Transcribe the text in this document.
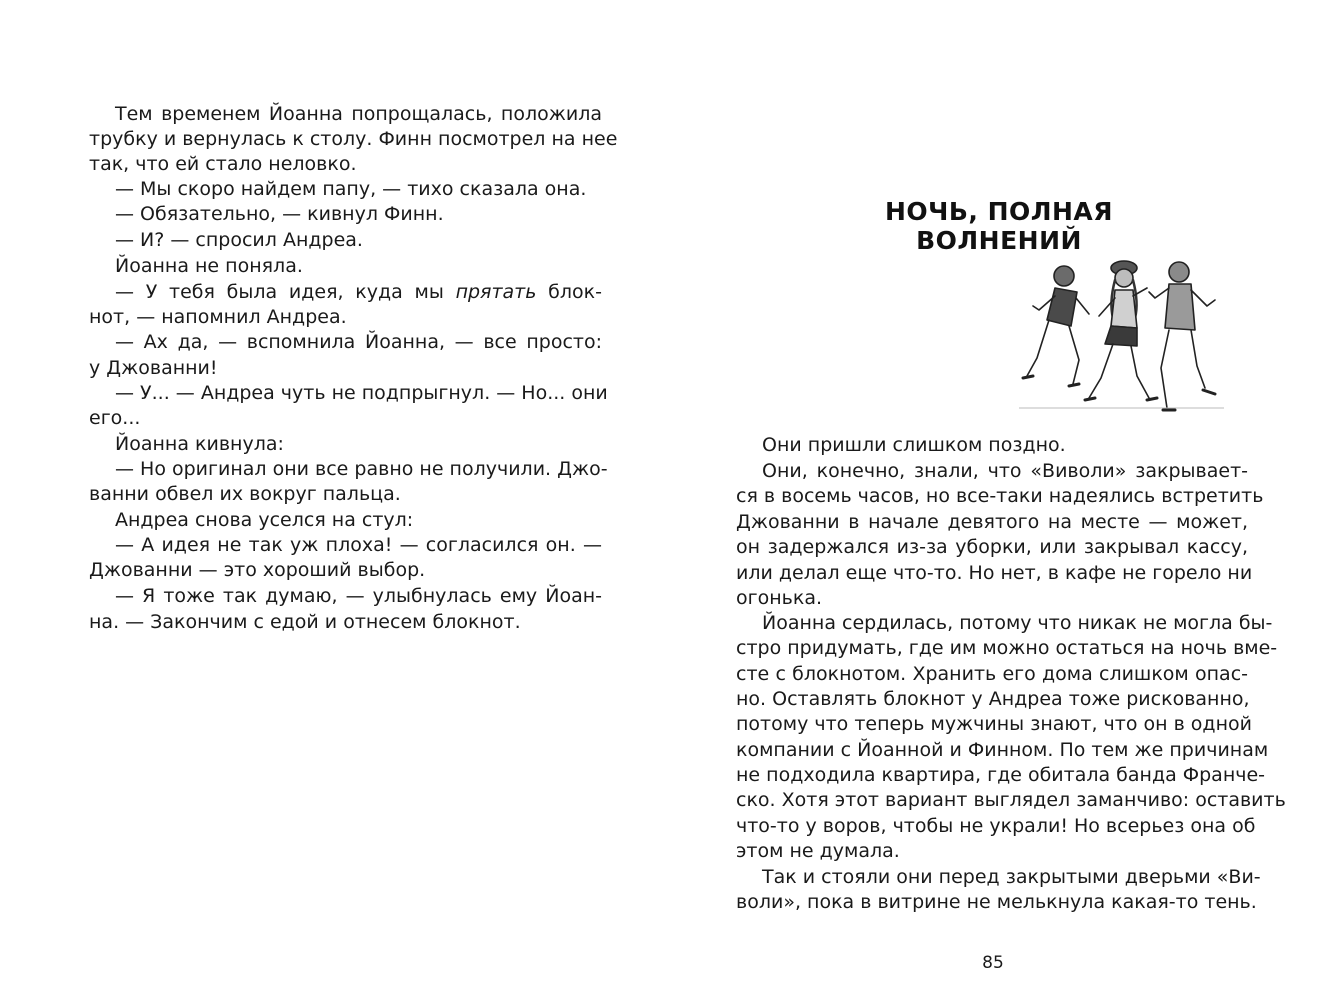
Тем временем Йоанна попрощалась, положила
трубку и вернулась к столу. Финн посмотрел на нее
так, что ей стало неловко.
— Мы скоро найдем папу, — тихо сказала она.
— Обязательно, — кивнул Финн.
— И? — спросил Андреа.
Йоанна не поняла.
— У тебя была идея, куда мы прятать блок-
нот, — напомнил Андреа.
— Ах да, — вспомнила Йоанна, — все просто:
у Джованни!
— У... — Андреа чуть не подпрыгнул. — Но... они
его...
Йоанна кивнула:
— Но оригинал они все равно не получили. Джо-
ванни обвел их вокруг пальца.
Андреа снова уселся на стул:
— А идея не так уж плоха! — согласился он. —
Джованни — это хороший выбор.
— Я тоже так думаю, — улыбнулась ему Йоан-
на. — Закончим с едой и отнесем блокнот.
НОЧЬ, ПОЛНАЯ ВОЛНЕНИЙ
Они пришли слишком поздно.
Они, конечно, знали, что «Виволи» закрывает-
ся в восемь часов, но все-таки надеялись встретить
Джованни в начале девятого на месте — может,
он задержался из-за уборки, или закрывал кассу,
или делал еще что-то. Но нет, в кафе не горело ни
огонька.
Йоанна сердилась, потому что никак не могла бы-
стро придумать, где им можно остаться на ночь вме-
сте с блокнотом. Хранить его дома слишком опас-
но. Оставлять блокнот у Андреа тоже рискованно,
потому что теперь мужчины знают, что он в одной
компании с Йоанной и Финном. По тем же причинам
не подходила квартира, где обитала банда Франче-
ско. Хотя этот вариант выглядел заманчиво: оставить
что-то у воров, чтобы не украли! Но всерьез она об
этом не думала.
Так и стояли они перед закрытыми дверьми «Ви-
воли», пока в витрине не мелькнула какая-то тень.
85
